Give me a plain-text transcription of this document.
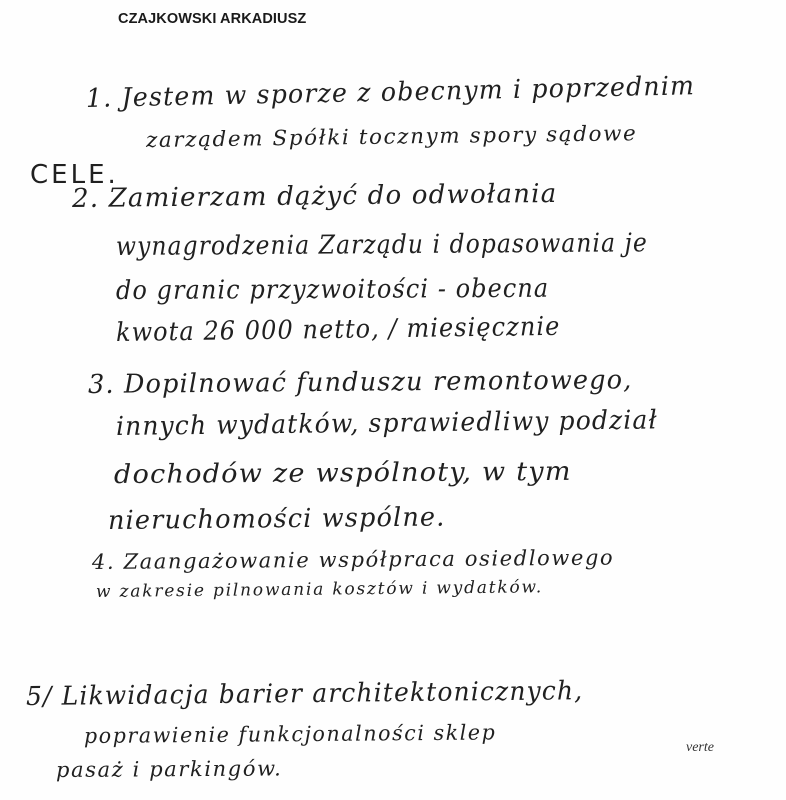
CZAJKOWSKI ARKADIUSZ
1. Jestem w sporze z obecnym i poprzednim
zarządem Spółki tocznym spory sądowe
CELE.
2. Zamierzam dążyć do odwołania
wynagrodzenia Zarządu i dopasowania je
do granic przyzwoitości - obecna
kwota 26 000 netto, / miesięcznie
3. Dopilnować funduszu remontowego,
innych wydatków, sprawiedliwy podział
dochodów ze wspólnoty, w tym
nieruchomości wspólne.
4. Zaangażowanie współpraca osiedlowego
w zakresie pilnowania kosztów i wydatków.
5/ Likwidacja barier architektonicznych,
poprawienie funkcjonalności sklep
pasaż i parkingów.
verte
